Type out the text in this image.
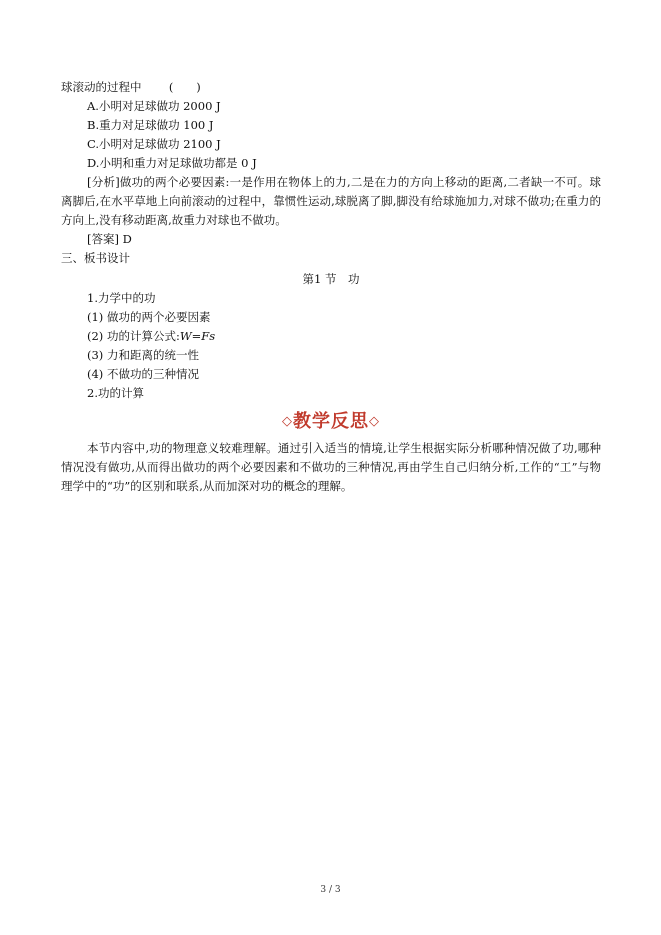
球滚动的过程中 (　　)
A.小明对足球做功 2000 J
B.重力对足球做功 100 J
C.小明对足球做功 2100 J
D.小明和重力对足球做功都是 0 J
[分析]做功的两个必要因素:一是作用在物体上的力,二是在力的方向上移动的距离,二者缺一不可。球离脚后,在水平草地上向前滚动的过程中，靠惯性运动,球脱离了脚,脚没有给球施加力,对球不做功;在重力的方向上,没有移动距离,故重力对球也不做功。
[答案] D
三、板书设计
第1 节　功
1.力学中的功
(1) 做功的两个必要因素
(2) 功的计算公式:W=Fs
(3) 力和距离的统一性
(4) 不做功的三种情况
2.功的计算
◇教学反思◇
本节内容中,功的物理意义较难理解。通过引入适当的情境,让学生根据实际分析哪种情况做了功,哪种情况没有做功,从而得出做功的两个必要因素和不做功的三种情况,再由学生自己归纳分析,工作的“工”与物理学中的“功”的区别和联系,从而加深对功的概念的理解。
3 / 3
